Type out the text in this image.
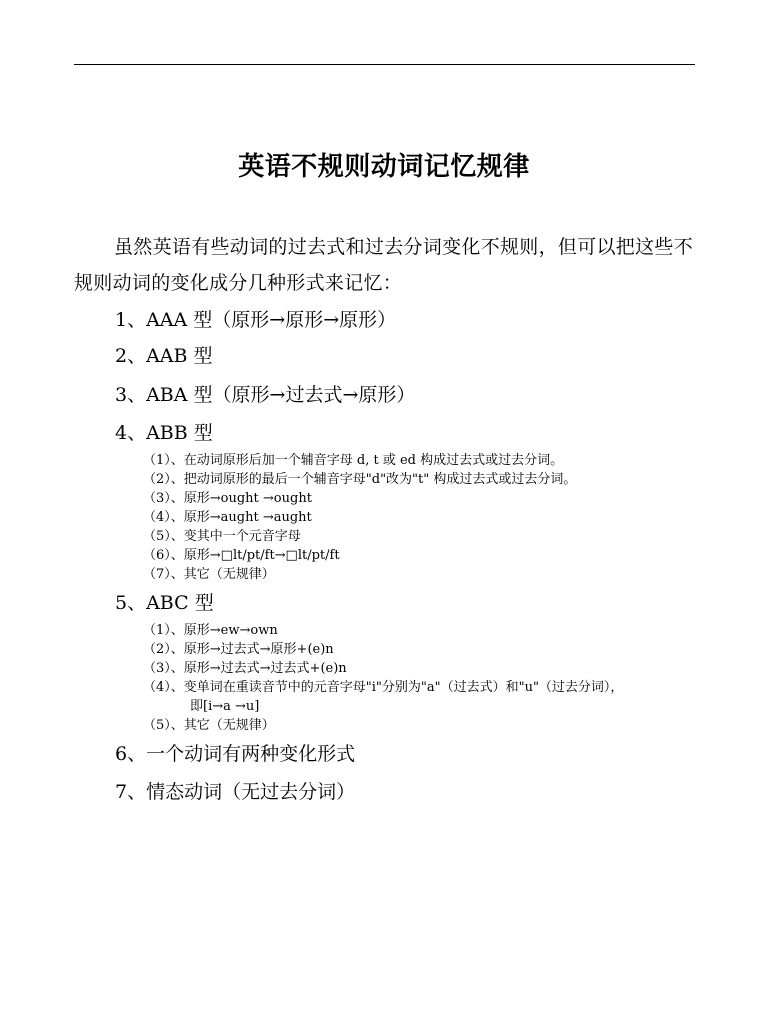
英语不规则动词记忆规律
虽然英语有些动词的过去式和过去分词变化不规则，但可以把这些不规则动词的变化成分几种形式来记忆：
1、AAA 型（原形→原形→原形）
2、AAB 型
3、ABA 型（原形→过去式→原形）
4、ABB 型
（1）、在动词原形后加一个辅音字母 d, t 或 ed 构成过去式或过去分词。
（2）、把动词原形的最后一个辅音字母"d"改为"t" 构成过去式或过去分词。
（3）、原形→ought →ought
（4）、原形→aught →aught
（5）、变其中一个元音字母
（6）、原形→□lt/pt/ft→□lt/pt/ft
（7）、其它（无规律）
5、ABC 型
（1）、原形→ew→own
（2）、原形→过去式→原形+(e)n
（3）、原形→过去式→过去式+(e)n
（4）、变单词在重读音节中的元音字母"i"分别为"a"（过去式）和"u"（过去分词），
即[i→a →u]
（5）、其它（无规律）
6、一个动词有两种变化形式
7、情态动词（无过去分词）
